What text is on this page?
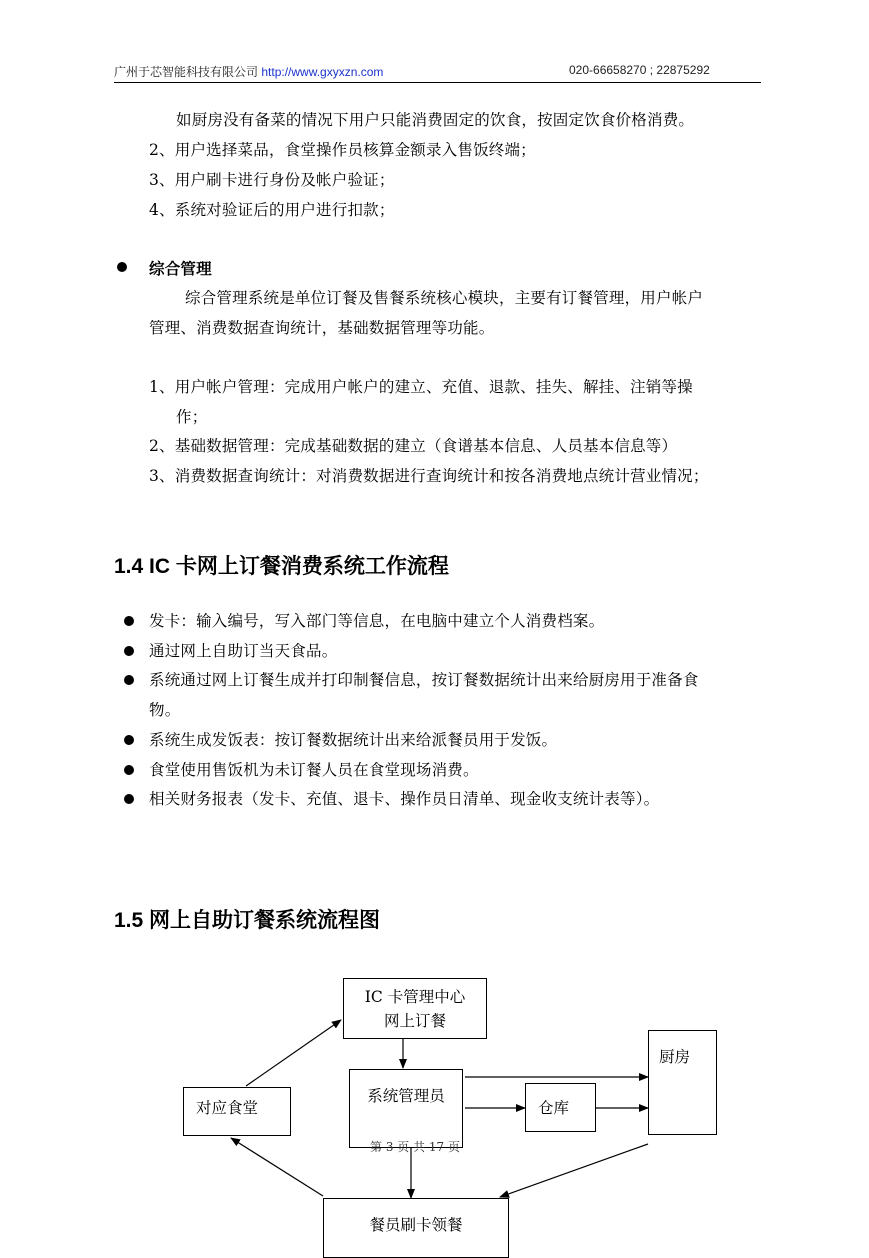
广州于芯智能科技有限公司 http://www.gxyxzn.com	020-66658270 ; 22875292
如厨房没有备菜的情况下用户只能消费固定的饮食，按固定饮食价格消费。
2、用户选择菜品，食堂操作员核算金额录入售饭终端；
3、用户刷卡进行身份及帐户验证；
4、系统对验证后的用户进行扣款；
综合管理
综合管理系统是单位订餐及售餐系统核心模块，主要有订餐管理，用户帐户
管理、消费数据查询统计，基础数据管理等功能。
1、用户帐户管理：完成用户帐户的建立、充值、退款、挂失、解挂、注销等操
作；
2、基础数据管理：完成基础数据的建立（食谱基本信息、人员基本信息等）
3、消费数据查询统计：对消费数据进行查询统计和按各消费地点统计营业情况；
1.4 IC 卡网上订餐消费系统工作流程
发卡：输入编号，写入部门等信息，在电脑中建立个人消费档案。
通过网上自助订当天食品。
系统通过网上订餐生成并打印制餐信息，按订餐数据统计出来给厨房用于准备食
物。
系统生成发饭表：按订餐数据统计出来给派餐员用于发饭。
食堂使用售饭机为未订餐人员在食堂现场消费。
相关财务报表（发卡、充值、退卡、操作员日清单、现金收支统计表等）。
1.5 网上自助订餐系统流程图
IC 卡管理中心
网上订餐
厨房
对应食堂
系统管理员
仓库
第 3 页 共 17 页
餐员刷卡领餐
